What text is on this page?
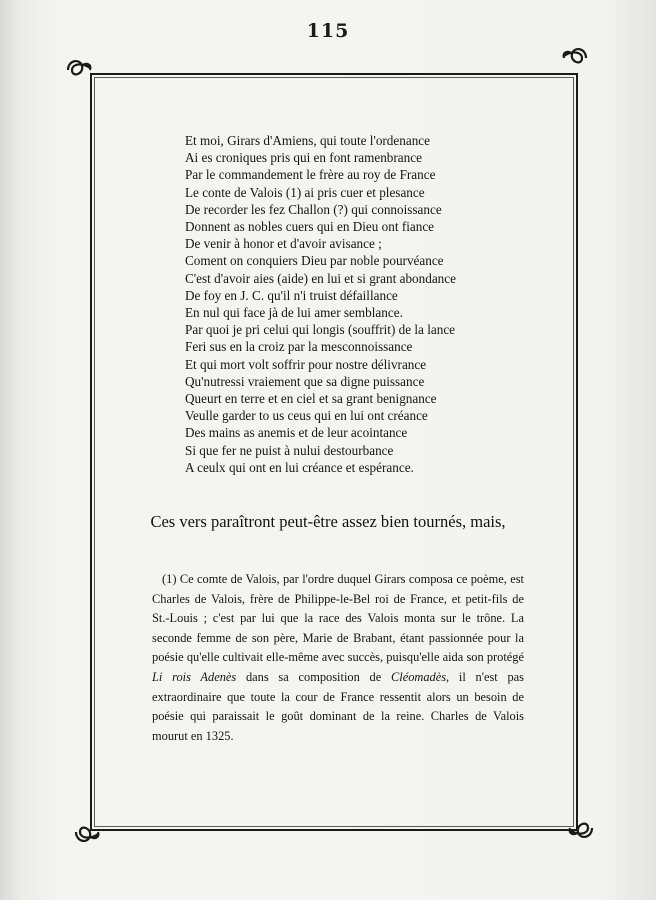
115
Et moi, Girars d'Amiens, qui toute l'ordenance
Ai es croniques pris qui en font ramenbrance
Par le commandement le frère au roy de France
Le conte de Valois (1) ai pris cuer et plesance
De recorder les fez Challon (?) qui connoissance
Donnent as nobles cuers qui en Dieu ont fiance
De venir à honor et d'avoir avisance ;
Coment on conquiers Dieu par noble pourvéance
C'est d'avoir aies (aide) en lui et si grant abondance
De foy en J. C. qu'il n'i truist défaillance
En nul qui face jà de lui amer semblance.
Par quoi je pri celui qui longis (souffrit) de la lance
Feri sus en la croiz par la mesconnoissance
Et qui mort volt soffrir pour nostre délivrance
Qu'nutressi vraiement que sa digne puissance
Queurt en terre et en ciel et sa grant benignance
Veulle garder to us ceus qui en lui ont créance
Des mains as anemis et de leur acointance
Si que fer ne puist à nului destourbance
A ceulx qui ont en lui créance et espérance.
Ces vers paraîtront peut-être assez bien tournés, mais,

(1) Ce comte de Valois, par l'ordre duquel Girars composa ce poème, est Charles de Valois, frère de Philippe-le-Bel roi de France, et petit-fils de St.-Louis ; c'est par lui que la race des Valois monta sur le trône. La seconde femme de son père, Marie de Brabant, étant passionnée pour la poésie qu'elle cultivait elle-même avec succès, puisqu'elle aida son protégé Li rois Adenès dans sa composition de Cléomadès, il n'est pas extraordinaire que toute la cour de France ressentit alors un besoin de poésie qui paraissait le goût dominant de la reine. Charles de Valois mourut en 1325.
